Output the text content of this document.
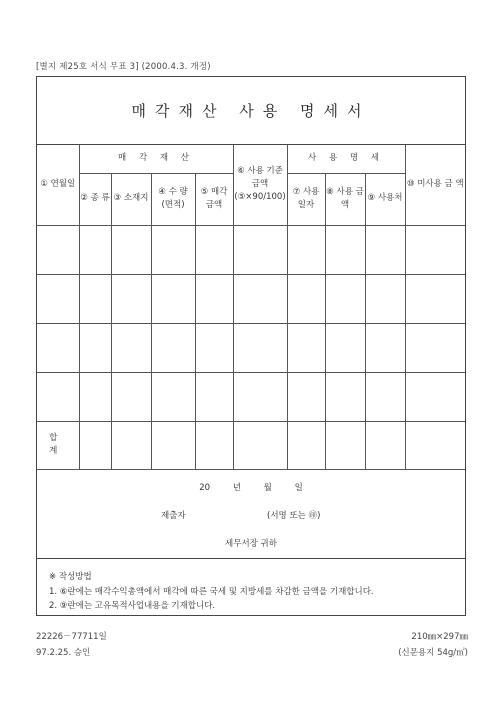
[별지 제25호 서식 무표 3] (2000.4.3. 개정)
매각재산 사용 명세서
① 연월일	매 각 재 산				⑥ 사용 기준금액 (⑤×90/100)	사 용 명 세			⑩ 미사용 금 액
	② 종 류	③ 소재지	④ 수 량 (면적)	⑤ 매각 금액		⑦ 사용 일자	⑧ 사용 금액	⑨ 사용처	

합 계									
20 년 월 일
제출자	(서명 또는 ㊞)
세무서장 귀하
※ 작성방법
1. ⑥란에는 매각수익총액에서 매각에 따른 국세 및 지방세를 차감한 금액을 기재합니다.
2. ⑨란에는 고유목적사업내용을 기재합니다.
22226－77711일
97.2.25. 승인
210㎜×297㎜
(신문용지 54g/㎡)
